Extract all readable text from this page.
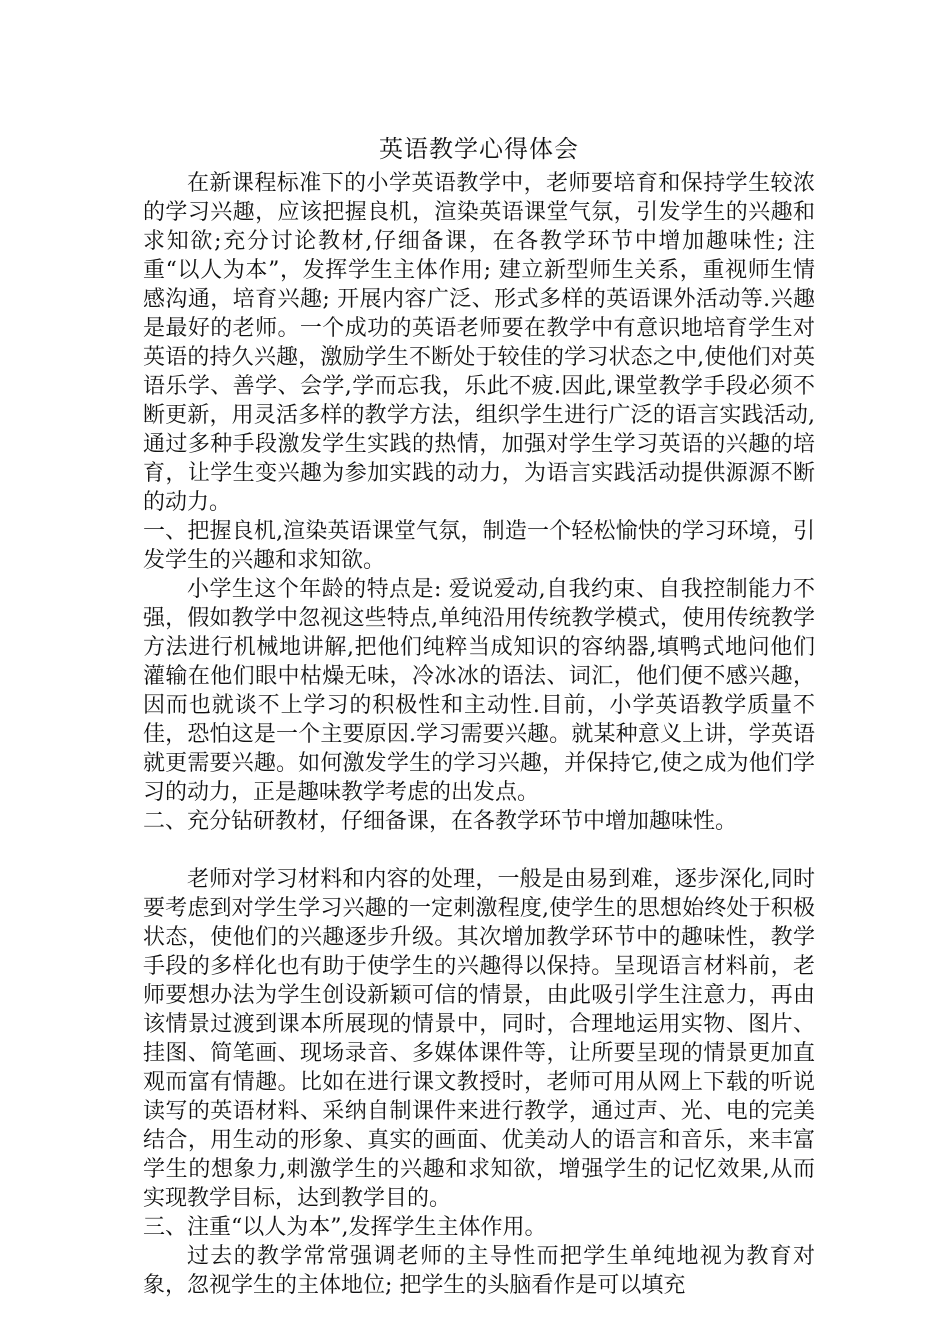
英语教学心得体会

在新课程标准下的小学英语教学中，老师要培育和保持学生较浓的学习兴趣，应该把握良机，渲染英语课堂气氛，引发学生的兴趣和求知欲;充分讨论教材,仔细备课，在各教学环节中增加趣味性; 注重“以人为本”，发挥学生主体作用; 建立新型师生关系，重视师生情感沟通，培育兴趣; 开展内容广泛、形式多样的英语课外活动等.兴趣是最好的老师。一个成功的英语老师要在教学中有意识地培育学生对英语的持久兴趣，激励学生不断处于较佳的学习状态之中,使他们对英语乐学、善学、会学,学而忘我，乐此不疲.因此,课堂教学手段必须不断更新，用灵活多样的教学方法，组织学生进行广泛的语言实践活动,通过多种手段激发学生实践的热情，加强对学生学习英语的兴趣的培育，让学生变兴趣为参加实践的动力，为语言实践活动提供源源不断的动力。

一、把握良机,渲染英语课堂气氛，制造一个轻松愉快的学习环境，引发学生的兴趣和求知欲。

小学生这个年龄的特点是: 爱说爱动,自我约束、自我控制能力不强，假如教学中忽视这些特点,单纯沿用传统教学模式，使用传统教学方法进行机械地讲解,把他们纯粹当成知识的容纳器,填鸭式地问他们灌输在他们眼中枯燥无味，冷冰冰的语法、词汇，他们便不感兴趣，因而也就谈不上学习的积极性和主动性.目前，小学英语教学质量不佳，恐怕这是一个主要原因.学习需要兴趣。就某种意义上讲，学英语就更需要兴趣。如何激发学生的学习兴趣，并保持它,使之成为他们学习的动力，正是趣味教学考虑的出发点。

二、充分钻研教材，仔细备课，在各教学环节中增加趣味性。

老师对学习材料和内容的处理，一般是由易到难，逐步深化,同时要考虑到对学生学习兴趣的一定刺激程度,使学生的思想始终处于积极状态，使他们的兴趣逐步升级。其次增加教学环节中的趣味性，教学手段的多样化也有助于使学生的兴趣得以保持。呈现语言材料前，老师要想办法为学生创设新颖可信的情景，由此吸引学生注意力，再由该情景过渡到课本所展现的情景中，同时，合理地运用实物、图片、挂图、简笔画、现场录音、多媒体课件等，让所要呈现的情景更加直观而富有情趣。比如在进行课文教授时，老师可用从网上下载的听说读写的英语材料、采纳自制课件来进行教学，通过声、光、电的完美结合，用生动的形象、真实的画面、优美动人的语言和音乐，来丰富学生的想象力,刺激学生的兴趣和求知欲，增强学生的记忆效果,从而实现教学目标，达到教学目的。

三、注重“以人为本”,发挥学生主体作用。

过去的教学常常强调老师的主导性而把学生单纯地视为教育对象，忽视学生的主体地位; 把学生的头脑看作是可以填充
